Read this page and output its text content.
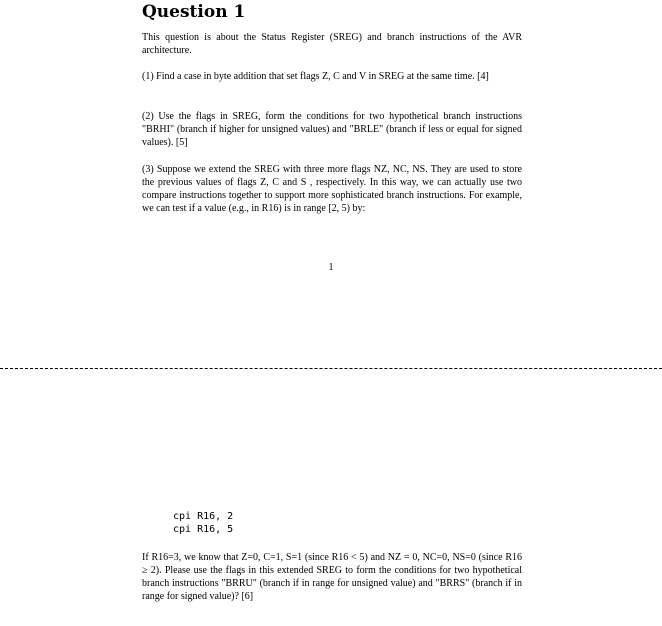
Question 1

This question is about the Status Register (SREG) and branch instructions of the AVR architecture.

(1) Find a case in byte addition that set flags Z, C and V in SREG at the same time. [4]

(2) Use the flags in SREG, form the conditions for two hypothetical branch instructions "BRHI" (branch if higher for unsigned values) and "BRLE" (branch if less or equal for signed values). [5]

(3) Suppose we extend the SREG with three more flags NZ, NC, NS. They are used to store the previous values of flags Z, C and S , respectively. In this way, we can actually use two compare instructions together to support more sophisticated branch instructions. For example, we can test if a value (e.g., in R16) is in range [2, 5) by:

1
cpi R16, 2
cpi R16, 5

If R16=3, we know that Z=0, C=1, S=1 (since R16 < 5) and NZ = 0, NC=0, NS=0 (since R16 ≥ 2). Please use the flags in this extended SREG to form the conditions for two hypothetical branch instructions "BRRU" (branch if in range for unsigned value) and "BRRS" (branch if in range for signed value)? [6]
